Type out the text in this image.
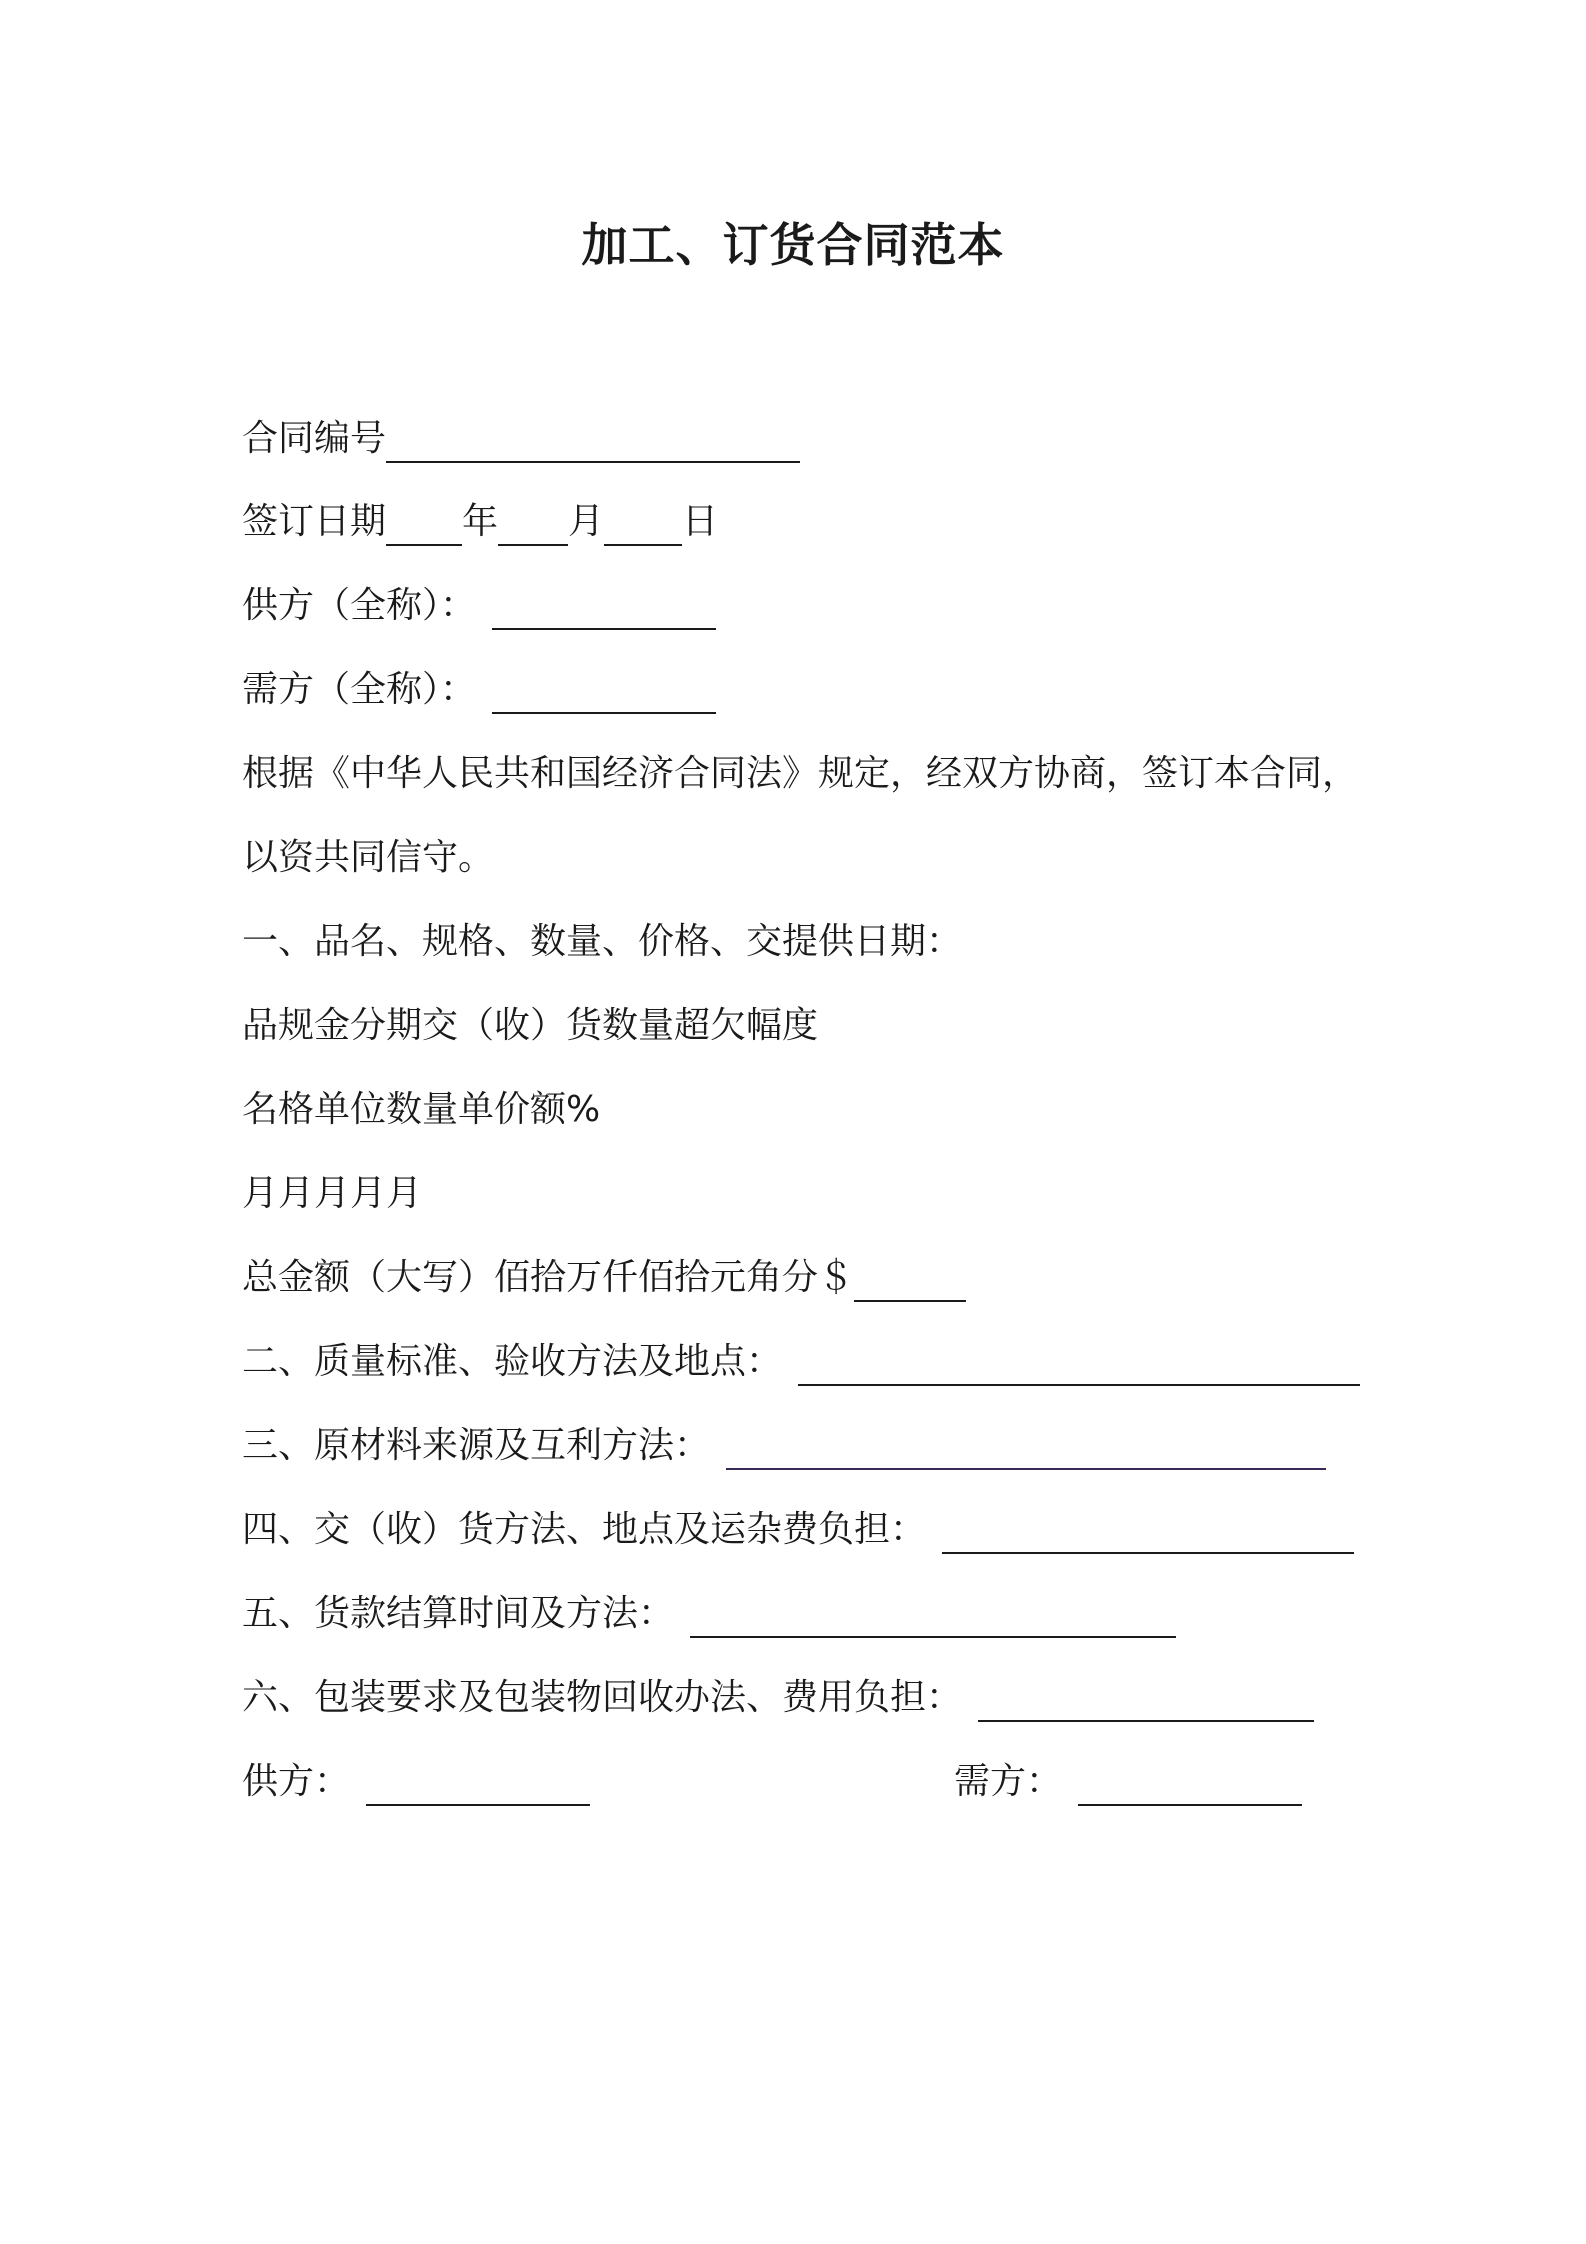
加工、订货合同范本
合同编号
签订日期 年 月 日
供方（全称）：
需方（全称）：
根据《中华人民共和国经济合同法》规定，经双方协商，签订本合同，
以资共同信守。
一、品名、规格、数量、价格、交提供日期：
品规金分期交（收）货数量超欠幅度
名格单位数量单价额%
月月月月月
总金额（大写）佰拾万仟佰拾元角分＄
二、质量标准、验收方法及地点：
三、原材料来源及互利方法：
四、交（收）货方法、地点及运杂费负担：
五、货款结算时间及方法：
六、包装要求及包装物回收办法、费用负担：
供方：	需方：
